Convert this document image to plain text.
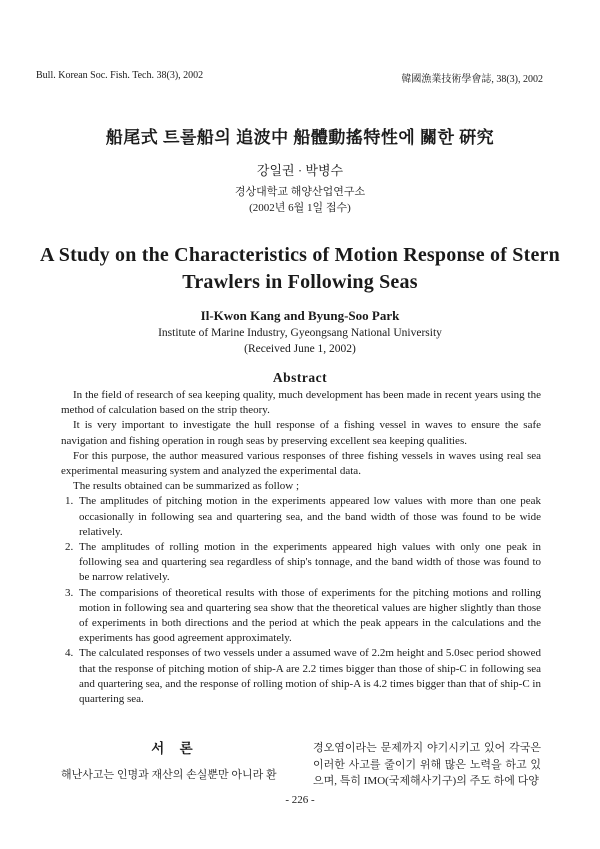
Bull. Korean Soc. Fish. Tech. 38(3), 2002	韓國漁業技術學會誌, 38(3), 2002
船尾式 트롤船의 追波中 船體動搖特性에 關한 硏究
강일권 · 박병수
경상대학교 해양산업연구소
(2002년 6월 1일 접수)
A Study on the Characteristics of Motion Response of Stern Trawlers in Following Seas
Il-Kwon Kang and Byung-Soo Park
Institute of Marine Industry, Gyeongsang National University
(Received June 1, 2002)
Abstract

In the field of research of sea keeping quality, much development has been made in recent years using the method of calculation based on the strip theory.

It is very important to investigate the hull response of a fishing vessel in waves to ensure the safe navigation and fishing operation in rough seas by preserving excellent sea keeping qualities.

For this purpose, the author measured various responses of three fishing vessels in waves using real sea experimental measuring system and analyzed the experimental data.

The results obtained can be summarized as follow ;

1. The amplitudes of pitching motion in the experiments appeared low values with more than one peak occasionally in following sea and quartering sea, and the band width of those was found to be wide relatively.
2. The amplitudes of rolling motion in the experiments appeared high values with only one peak in following sea and quartering sea regardless of ship's tonnage, and the band width of those was found to be narrow relatively.
3. The comparisions of theoretical results with those of experiments for the pitching motions and rolling motion in following sea and quartering sea show that the theoretical values are higher slightly than those of experiments in both directions and the period at which the peak appears in the calculations and the experiments has good agreement approximately.
4. The calculated responses of two vessels under a assumed wave of 2.2m height and 5.0sec period showed that the response of pitching motion of ship-A are 2.2 times bigger than those of ship-C in following sea and quartering sea, and the response of rolling motion of ship-A is 4.2 times bigger than that of ship-C in quartering sea.
서 론
해난사고는 인명과 재산의 손실뿐만 아니라 환
경오염이라는 문제까지 야기시키고 있어 각국은 이러한 사고를 줄이기 위해 많은 노력을 하고 있으며, 특히 IMO(국제해사기구)의 주도 하에 다양
- 226 -
